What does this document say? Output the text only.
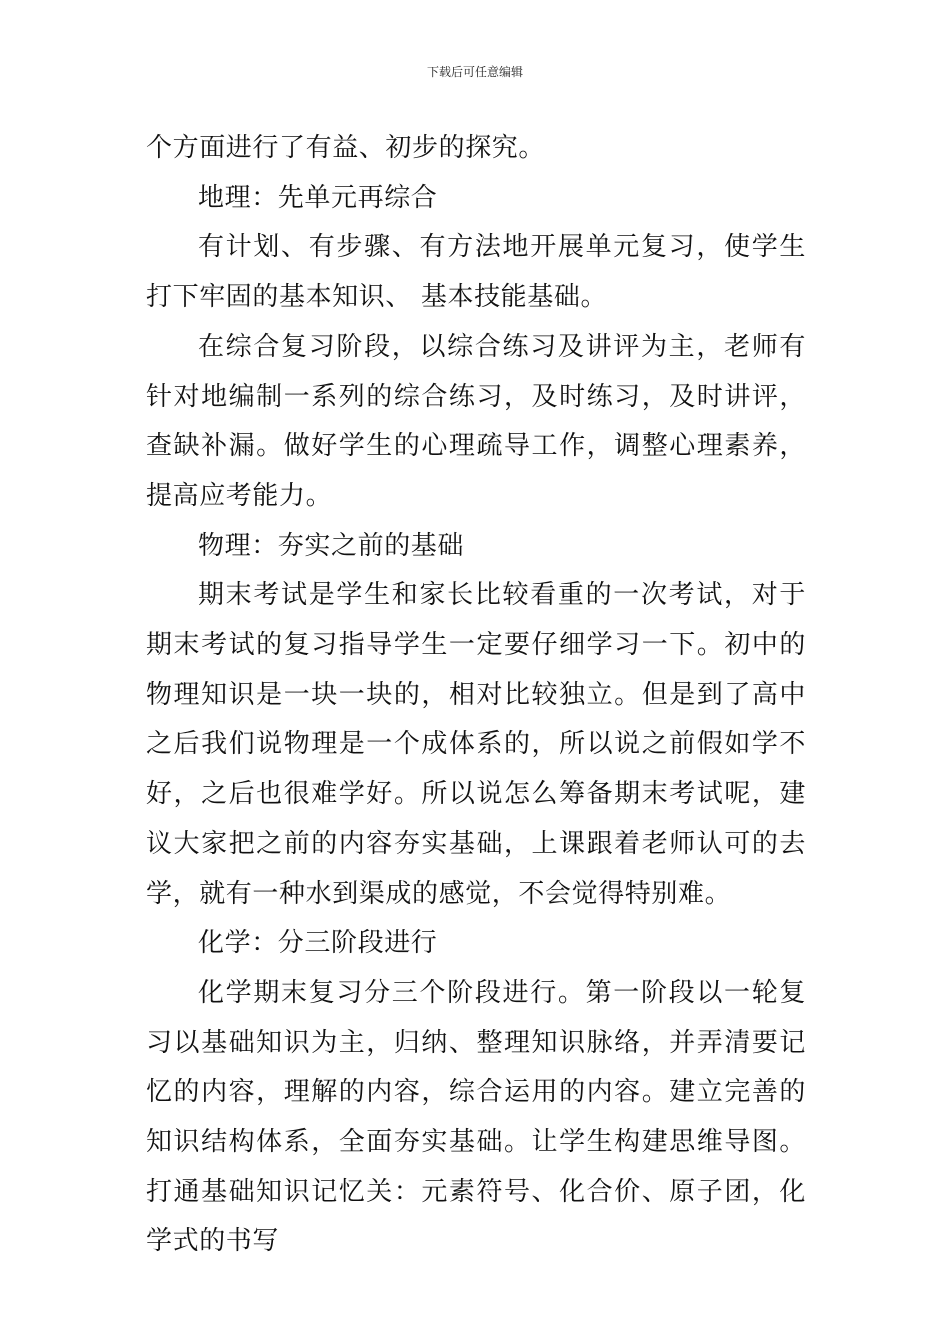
下载后可任意编辑

个方面进行了有益、初步的探究。

地理：先单元再综合

有计划、有步骤、有方法地开展单元复习，使学生打下牢固的基本知识、 基本技能基础。

在综合复习阶段，以综合练习及讲评为主，老师有针对地编制一系列的综合练习，及时练习，及时讲评，查缺补漏。做好学生的心理疏导工作，调整心理素养，提高应考能力。

物理：夯实之前的基础

期末考试是学生和家长比较看重的一次考试，对于期末考试的复习指导学生一定要仔细学习一下。初中的物理知识是一块一块的，相对比较独立。但是到了高中之后我们说物理是一个成体系的，所以说之前假如学不好，之后也很难学好。所以说怎么筹备期末考试呢，建议大家把之前的内容夯实基础，上课跟着老师认可的去学，就有一种水到渠成的感觉，不会觉得特别难。

化学：分三阶段进行

化学期末复习分三个阶段进行。第一阶段以一轮复习以基础知识为主，归纳、整理知识脉络，并弄清要记忆的内容，理解的内容，综合运用的内容。建立完善的知识结构体系，全面夯实基础。让学生构建思维导图。打通基础知识记忆关：元素符号、化合价、原子团，化学式的书写
